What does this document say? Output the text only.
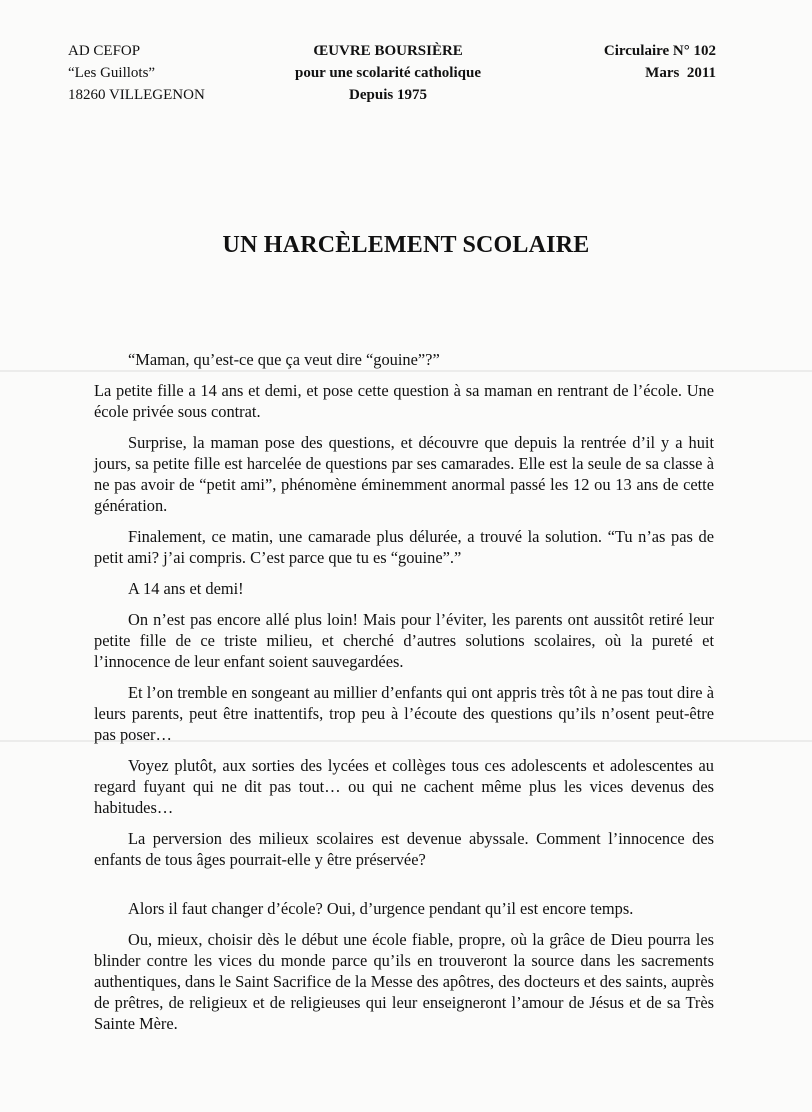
AD CEFOP
“Les Guillots”
18260 VILLEGENON
ŒUVRE BOURSIÈRE
pour une scolarité catholique
Depuis 1975
Circulaire N° 102
Mars  2011
UN HARCÈLEMENT SCOLAIRE

“Maman, qu’est-ce que ça veut dire “gouine”?”

La petite fille a 14 ans et demi, et pose cette question à sa maman en rentrant de l’école. Une école privée sous contrat.

Surprise, la maman pose des questions, et découvre que depuis la rentrée d’il y a huit jours, sa petite fille est harcelée de questions par ses camarades. Elle est la seule de sa classe à ne pas avoir de “petit ami”, phénomène éminemment anormal passé les 12 ou 13 ans de cette génération.

Finalement, ce matin, une camarade plus délurée, a trouvé la solution. “Tu n’as pas de petit ami? j’ai compris. C’est parce que tu es “gouine”.”

A 14 ans et demi!

On n’est pas encore allé plus loin! Mais pour l’éviter, les parents ont aussitôt retiré leur petite fille de ce triste milieu, et cherché d’autres solutions scolaires, où la pureté et l’innocence de leur enfant soient sauvegardées.

Et l’on tremble en songeant au millier d’enfants qui ont appris très tôt à ne pas tout dire à leurs parents, peut être inattentifs, trop peu à l’écoute des questions qu’ils n’osent peut-être pas poser…

Voyez plutôt, aux sorties des lycées et collèges tous ces adolescents et adolescentes au regard fuyant qui ne dit pas tout… ou qui ne cachent même plus les vices devenus des habitudes…

La perversion des milieux scolaires est devenue abyssale. Comment l’innocence des enfants de tous âges pourrait-elle y être préservée?

Alors il faut changer d’école? Oui, d’urgence pendant qu’il est encore temps.

Ou, mieux, choisir dès le début une école fiable, propre, où la grâce de Dieu pourra les blinder contre les vices du monde parce qu’ils en trouveront la source dans les sacrements authentiques, dans le Saint Sacrifice de la Messe des apôtres, des docteurs et des saints, auprès de prêtres, de religieux et de religieuses qui leur enseigneront l’amour de Jésus et de sa Très Sainte Mère.
